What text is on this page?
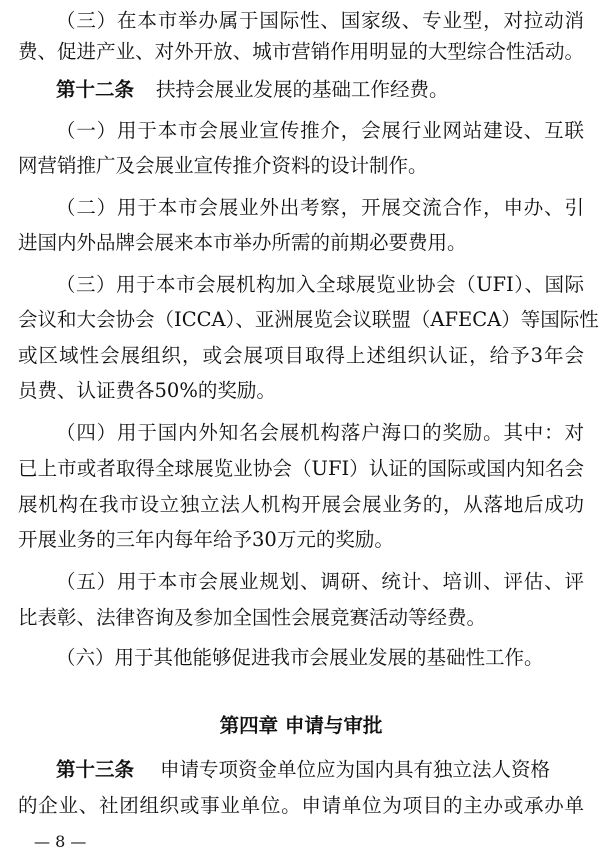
（三）在本市举办属于国际性、国家级、专业型，对拉动消
费、促进产业、对外开放、城市营销作用明显的大型综合性活动。
第十二条 扶持会展业发展的基础工作经费。
（一）用于本市会展业宣传推介，会展行业网站建设、互联
网营销推广及会展业宣传推介资料的设计制作。
（二）用于本市会展业外出考察，开展交流合作，申办、引
进国内外品牌会展来本市举办所需的前期必要费用。
（三）用于本市会展机构加入全球展览业协会（UFI）、国际
会议和大会协会（ICCA）、亚洲展览会议联盟（AFECA）等国际性
或区域性会展组织，或会展项目取得上述组织认证，给予3年会
员费、认证费各50%的奖励。
（四）用于国内外知名会展机构落户海口的奖励。其中：对
已上市或者取得全球展览业协会（UFI）认证的国际或国内知名会
展机构在我市设立独立法人机构开展会展业务的，从落地后成功
开展业务的三年内每年给予30万元的奖励。
（五）用于本市会展业规划、调研、统计、培训、评估、评
比表彰、法律咨询及参加全国性会展竞赛活动等经费。
（六）用于其他能够促进我市会展业发展的基础性工作。
第四章 申请与审批
第十三条 申请专项资金单位应为国内具有独立法人资格
的企业、社团组织或事业单位。申请单位为项目的主办或承办单
— 8 —
